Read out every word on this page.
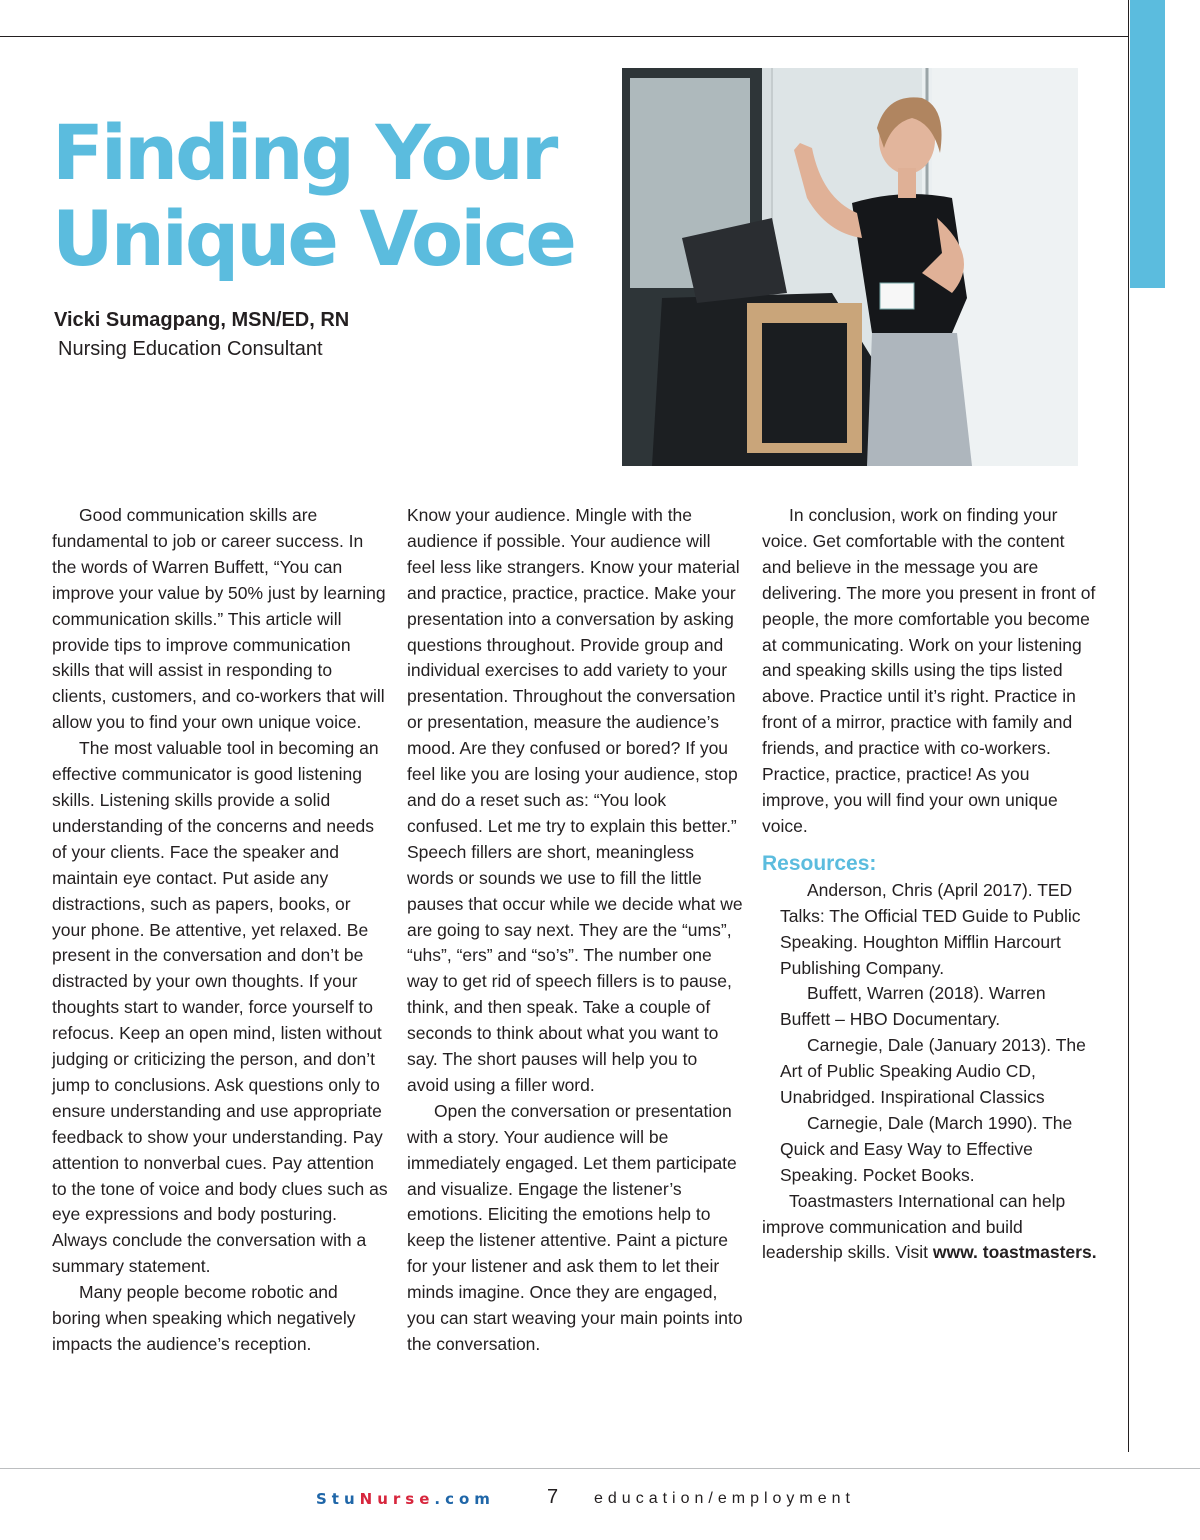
Finding Your
Unique Voice
Vicki Sumagpang, MSN/ED, RN
Nursing Education Consultant

Good communication skills are fundamental to job or career success. In the words of Warren Buffett, “You can improve your value by 50% just by learning communication skills.” This article will provide tips to improve communication skills that will assist in responding to clients, customers, and co-workers that will allow you to find your own unique voice.

The most valuable tool in becoming an effective communicator is good listening skills. Listening skills provide a solid understanding of the concerns and needs of your clients. Face the speaker and maintain eye contact. Put aside any distractions, such as papers, books, or your phone. Be attentive, yet relaxed. Be present in the conversation and don’t be distracted by your own thoughts. If your thoughts start to wander, force yourself to refocus. Keep an open mind, listen without judging or criticizing the person, and don’t jump to conclusions. Ask questions only to ensure understanding and use appropriate feedback to show your understanding. Pay attention to nonverbal cues. Pay attention to the tone of voice and body clues such as eye expressions and body posturing. Always conclude the conversation with a summary statement.

Many people become robotic and boring when speaking which negatively impacts the audience’s reception.

Know your audience. Mingle with the audience if possible. Your audience will feel less like strangers. Know your material and practice, practice, practice. Make your presentation into a conversation by asking questions throughout. Provide group and individual exercises to add variety to your presentation. Throughout the conversation or presentation, measure the audience’s mood. Are they confused or bored? If you feel like you are losing your audience, stop and do a reset such as: “You look confused. Let me try to explain this better.”

Speech fillers are short, meaningless words or sounds we use to fill the little pauses that occur while we decide what we are going to say next. They are the “ums”, “uhs”, “ers” and “so’s”. The number one way to get rid of speech fillers is to pause, think, and then speak. Take a couple of seconds to think about what you want to say. The short pauses will help you to avoid using a filler word.

Open the conversation or presentation with a story. Your audience will be immediately engaged. Let them participate and visualize. Engage the listener’s emotions. Eliciting the emotions help to keep the listener attentive. Paint a picture for your listener and ask them to let their minds imagine. Once they are engaged, you can start weaving your main points into the conversation.

In conclusion, work on finding your voice. Get comfortable with the content and believe in the message you are delivering. The more you present in front of people, the more comfortable you become at communicating. Work on your listening and speaking skills using the tips listed above. Practice until it’s right. Practice in front of a mirror, practice with family and friends, and practice with co-workers. Practice, practice, practice! As you improve, you will find your own unique voice.

Resources:

Anderson, Chris (April 2017). TED Talks: The Official TED Guide to Public Speaking. Houghton Mifflin Harcourt Publishing Company.

Buffett, Warren (2018). Warren Buffett – HBO Documentary.

Carnegie, Dale (January 2013). The Art of Public Speaking Audio CD, Unabridged. Inspirational Classics

Carnegie, Dale (March 1990). The Quick and Easy Way to Effective Speaking. Pocket Books.

Toastmasters International can help improve communication and build leadership skills. Visit www. toastmasters.

StuNurse.com	7 education/employment
